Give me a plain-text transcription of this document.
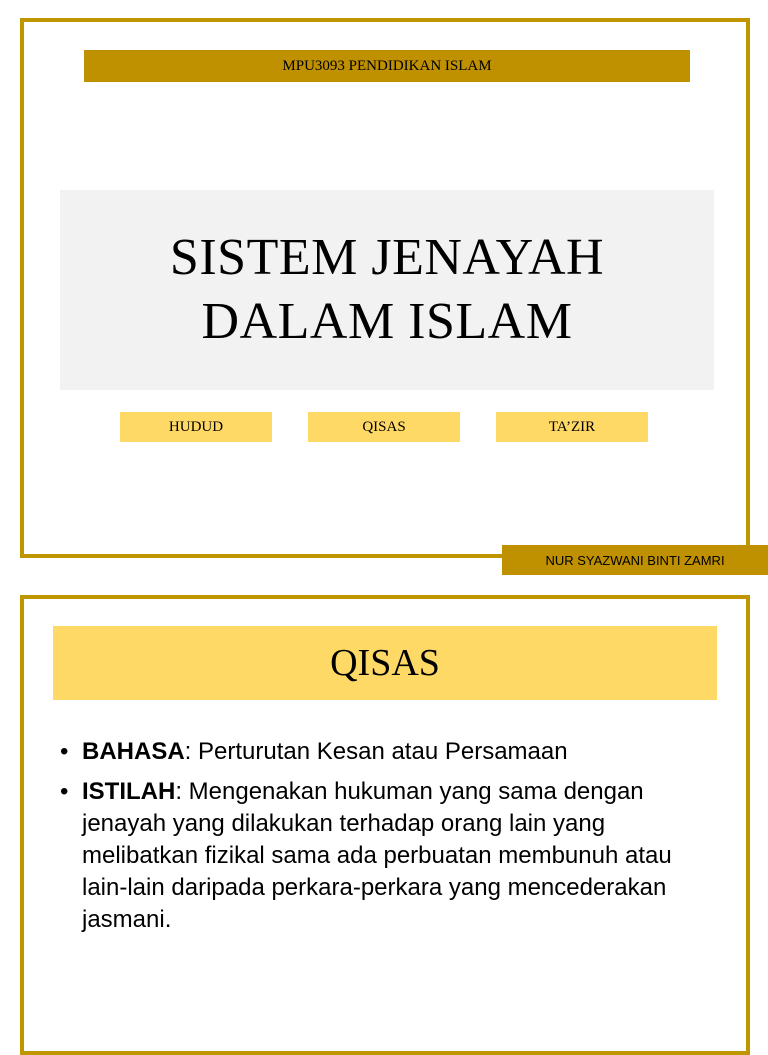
MPU3093 PENDIDIKAN ISLAM
SISTEM JENAYAH
DALAM ISLAM
HUDUD	QISAS	TA’ZIR
NUR SYAZWANI BINTI ZAMRI
QISAS
• BAHASA: Perturutan Kesan atau Persamaan
• ISTILAH: Mengenakan hukuman yang sama dengan jenayah yang dilakukan terhadap orang lain yang melibatkan fizikal sama ada perbuatan membunuh atau lain-lain daripada perkara-perkara yang mencederakan jasmani.
